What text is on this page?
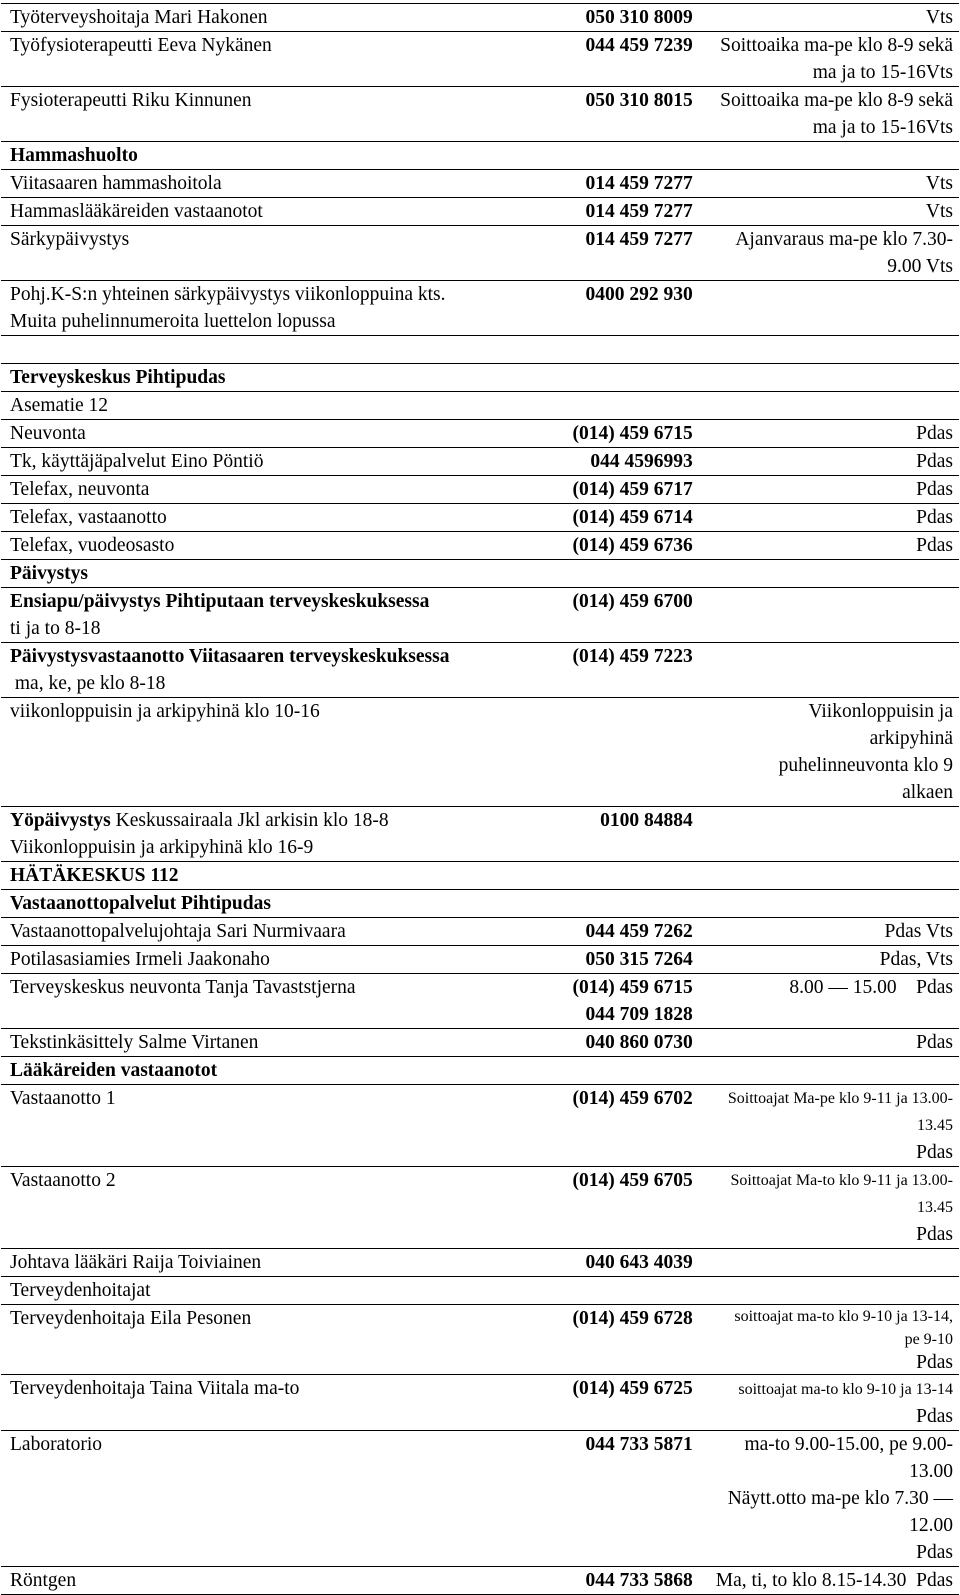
Työterveyshoitaja Mari Hakonen	050 310 8009	Vts
Työfysioterapeutti Eeva Nykänen	044 459 7239	Soittoaika ma-pe klo 8-9 sekä ma ja to 15-16Vts
Fysioterapeutti Riku Kinnunen	050 310 8015	Soittoaika ma-pe klo 8-9 sekä ma ja to 15-16Vts
Hammashuolto		
Viitasaaren hammashoitola	014 459 7277	Vts
Hammaslääkäreiden vastaanotot	014 459 7277	Vts
Särkypäivystys	014 459 7277	Ajanvaraus ma-pe klo 7.30-9.00 Vts
Pohj.K-S:n yhteinen särkypäivystys viikonloppuina kts. Muita puhelinnumeroita luettelon lopussa	0400 292 930	

Terveyskeskus Pihtipudas		
Asematie 12		
Neuvonta	(014) 459 6715	Pdas
Tk, käyttäjäpalvelut Eino Pöntiö	044 4596993	Pdas
Telefax, neuvonta	(014) 459 6717	Pdas
Telefax, vastaanotto	(014) 459 6714	Pdas
Telefax, vuodeosasto	(014) 459 6736	Pdas
Päivystys		

Ensiapu/päivystys Pihtiputaan terveyskeskuksessa
ti ja to 8-18	(014) 459 6700	

Päivystysvastaanotto Viitasaaren terveyskeskuksessa
ma, ke, pe klo 8-18	(014) 459 7223	
viikonloppuisin ja arkipyhinä klo 10-16		Viikonloppuisin ja arkipyhinä puhelinneuvonta klo 9 alkaen
Yöpäivystys Keskussairaala Jkl arkisin klo 18-8
Viikonloppuisin ja arkipyhinä klo 16-9	0100 84884	
HÄTÄKESKUS 112		
Vastaanottopalvelut Pihtipudas		
Vastaanottopalvelujohtaja Sari Nurmivaara	044 459 7262	Pdas Vts
Potilasasiamies Irmeli Jaakonaho	050 315 7264	Pdas, Vts
Terveyskeskus neuvonta Tanja Tavaststjerna	(014) 459 6715
044 709 1828	8.00 — 15.00    Pdas
Tekstinkäsittely Salme Virtanen	040 860 0730	Pdas
Lääkäreiden vastaanotot		
Vastaanotto 1	(014) 459 6702	Soittoajat Ma-pe klo 9-11 ja 13.00-13.45
Pdas

Vastaanotto 2	(014) 459 6705	Soittoajat Ma-to klo 9-11 ja 13.00-13.45
Pdas

Johtava lääkäri Raija Toiviainen	040 643 4039	
Terveydenhoitajat		
Terveydenhoitaja Eila Pesonen	(014) 459 6728	soittoajat ma-to klo 9-10 ja 13-14, pe 9-10
Pdas

Terveydenhoitaja Taina Viitala ma-to	(014) 459 6725	soittoajat ma-to klo 9-10 ja 13-14 Pdas
Laboratorio	044 733 5871	ma-to 9.00-15.00, pe 9.00-13.00
Näytt.otto ma-pe klo 7.30 — 12.00
Pdas

Röntgen	044 733 5868	Ma, ti, to klo 8.15-14.30  Pdas
